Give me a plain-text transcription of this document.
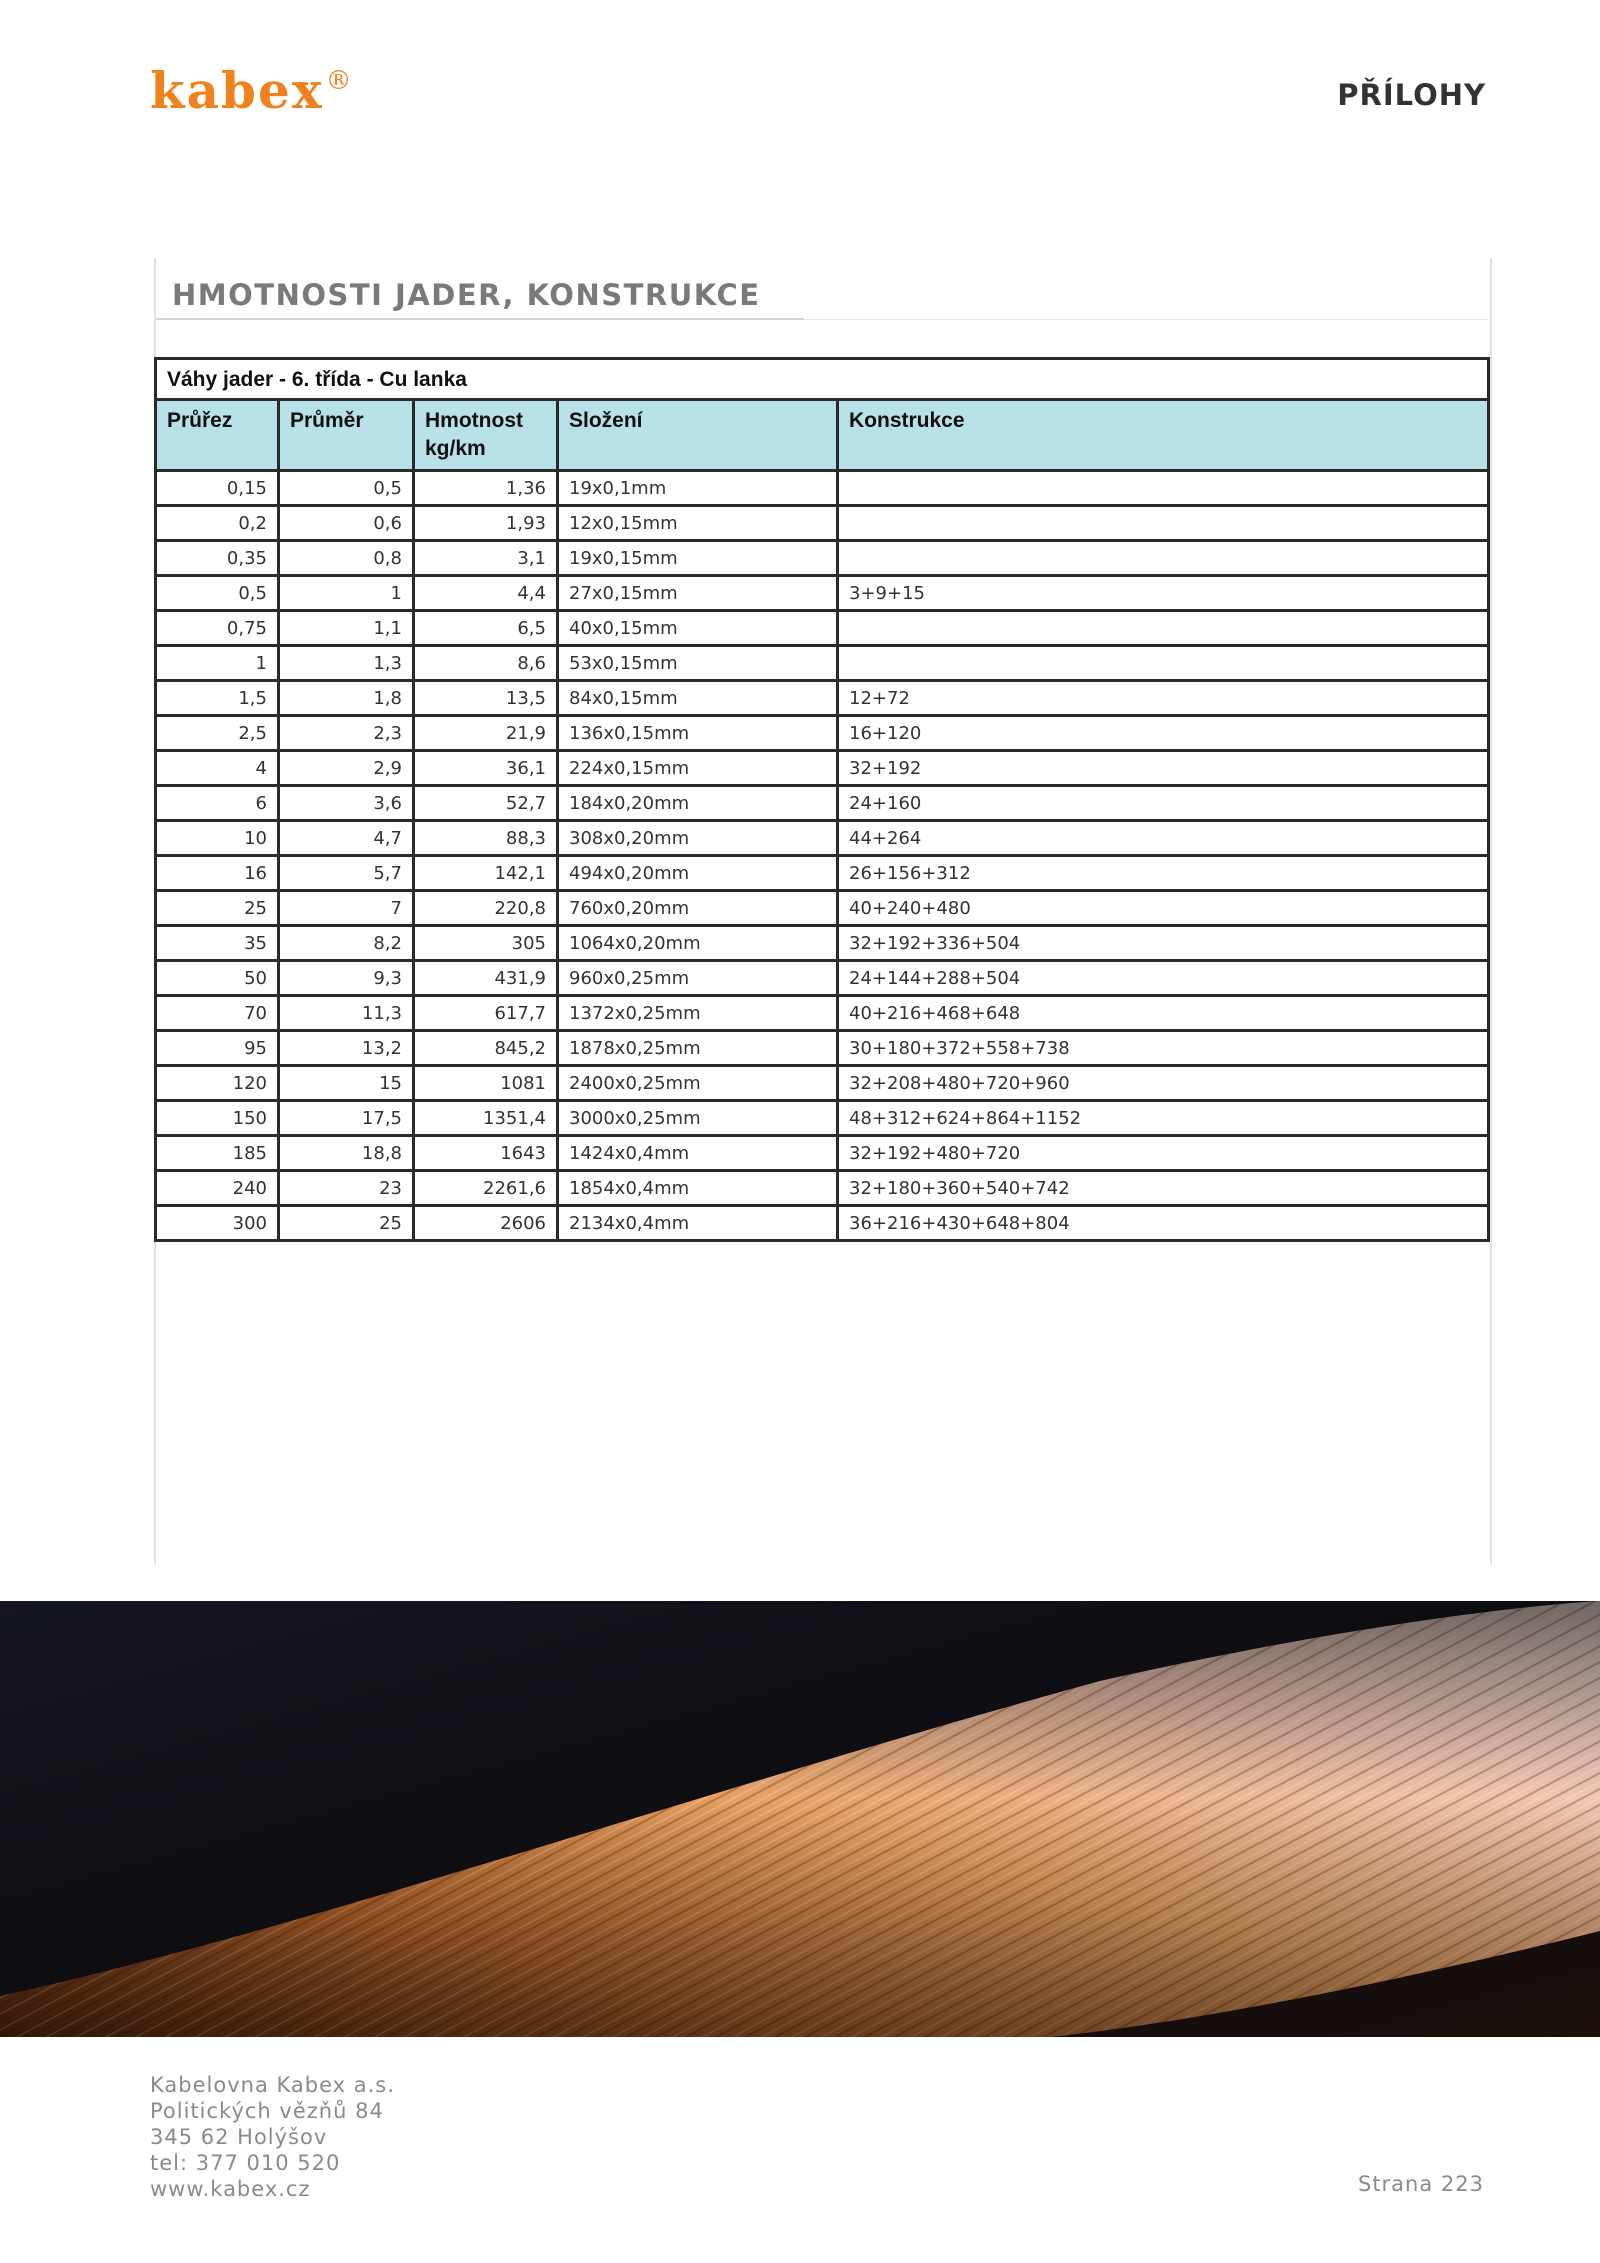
kabex®	PŘÍLOHY
HMOTNOSTI JADER, KONSTRUKCE
Váhy jader - 6. třída - Cu lanka				
Průřez	Průměr	Hmotnost kg/km	Složení	Konstrukce
0,15	0,5	1,36	19x0,1mm	
0,2	0,6	1,93	12x0,15mm	
0,35	0,8	3,1	19x0,15mm	
0,5	1	4,4	27x0,15mm	3+9+15
0,75	1,1	6,5	40x0,15mm	
1	1,3	8,6	53x0,15mm	
1,5	1,8	13,5	84x0,15mm	12+72
2,5	2,3	21,9	136x0,15mm	16+120
4	2,9	36,1	224x0,15mm	32+192
6	3,6	52,7	184x0,20mm	24+160
10	4,7	88,3	308x0,20mm	44+264
16	5,7	142,1	494x0,20mm	26+156+312
25	7	220,8	760x0,20mm	40+240+480
35	8,2	305	1064x0,20mm	32+192+336+504
50	9,3	431,9	960x0,25mm	24+144+288+504
70	11,3	617,7	1372x0,25mm	40+216+468+648
95	13,2	845,2	1878x0,25mm	30+180+372+558+738
120	15	1081	2400x0,25mm	32+208+480+720+960
150	17,5	1351,4	3000x0,25mm	48+312+624+864+1152
185	18,8	1643	1424x0,4mm	32+192+480+720
240	23	2261,6	1854x0,4mm	32+180+360+540+742
300	25	2606	2134x0,4mm	36+216+430+648+804
Kabelovna Kabex a.s.
Politických vězňů 84
345 62 Holýšov
tel: 377 010 520
www.kabex.cz	Strana 223
